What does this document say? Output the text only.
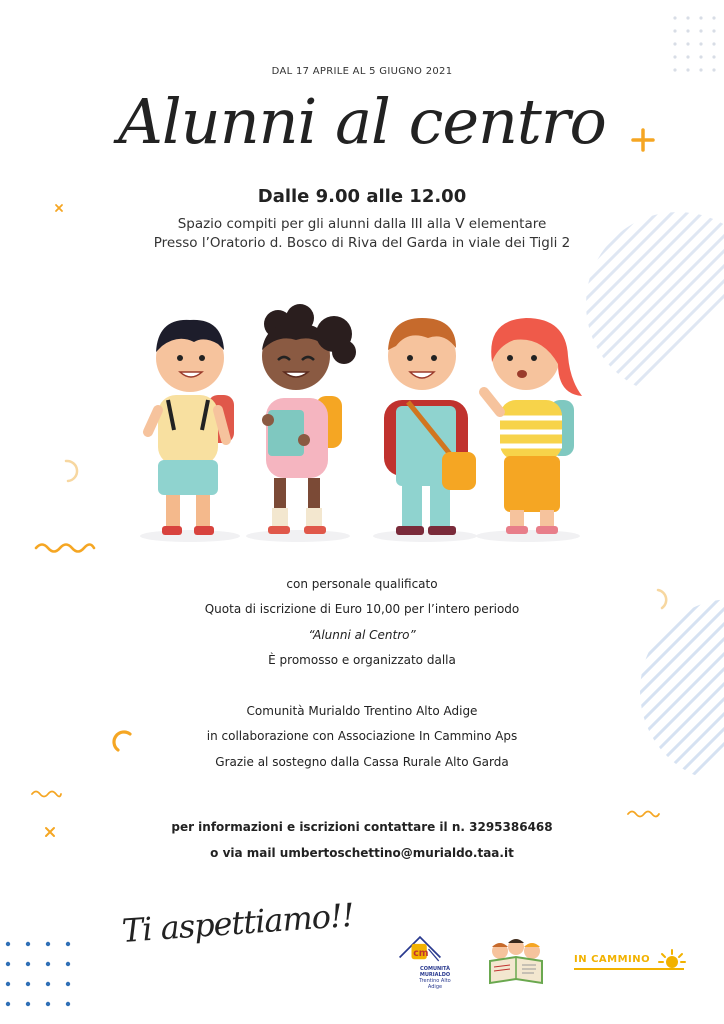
DAL 17 APRILE AL 5 GIUGNO 2021
Alunni al centro
Dalle 9.00 alle 12.00
Spazio compiti per gli alunni dalla III alla V elementare
Presso l’Oratorio d. Bosco di Riva del Garda in viale dei Tigli 2
con personale qualificato
Quota di iscrizione di Euro 10,00 per l’intero periodo
“Alunni al Centro”
È promosso e organizzato dalla
Comunità Murialdo Trentino Alto Adige
in collaborazione con Associazione In Cammino Aps
Grazie al sostegno dalla Cassa Rurale Alto Garda
per informazioni e iscrizioni contattare il n. 3295386468
o via mail umbertoschettino@murialdo.taa.it
Ti aspettiamo!!
cm
COMUNITÀ
MURIALDO
Trentino Alto Adige
IN CAMMINO
